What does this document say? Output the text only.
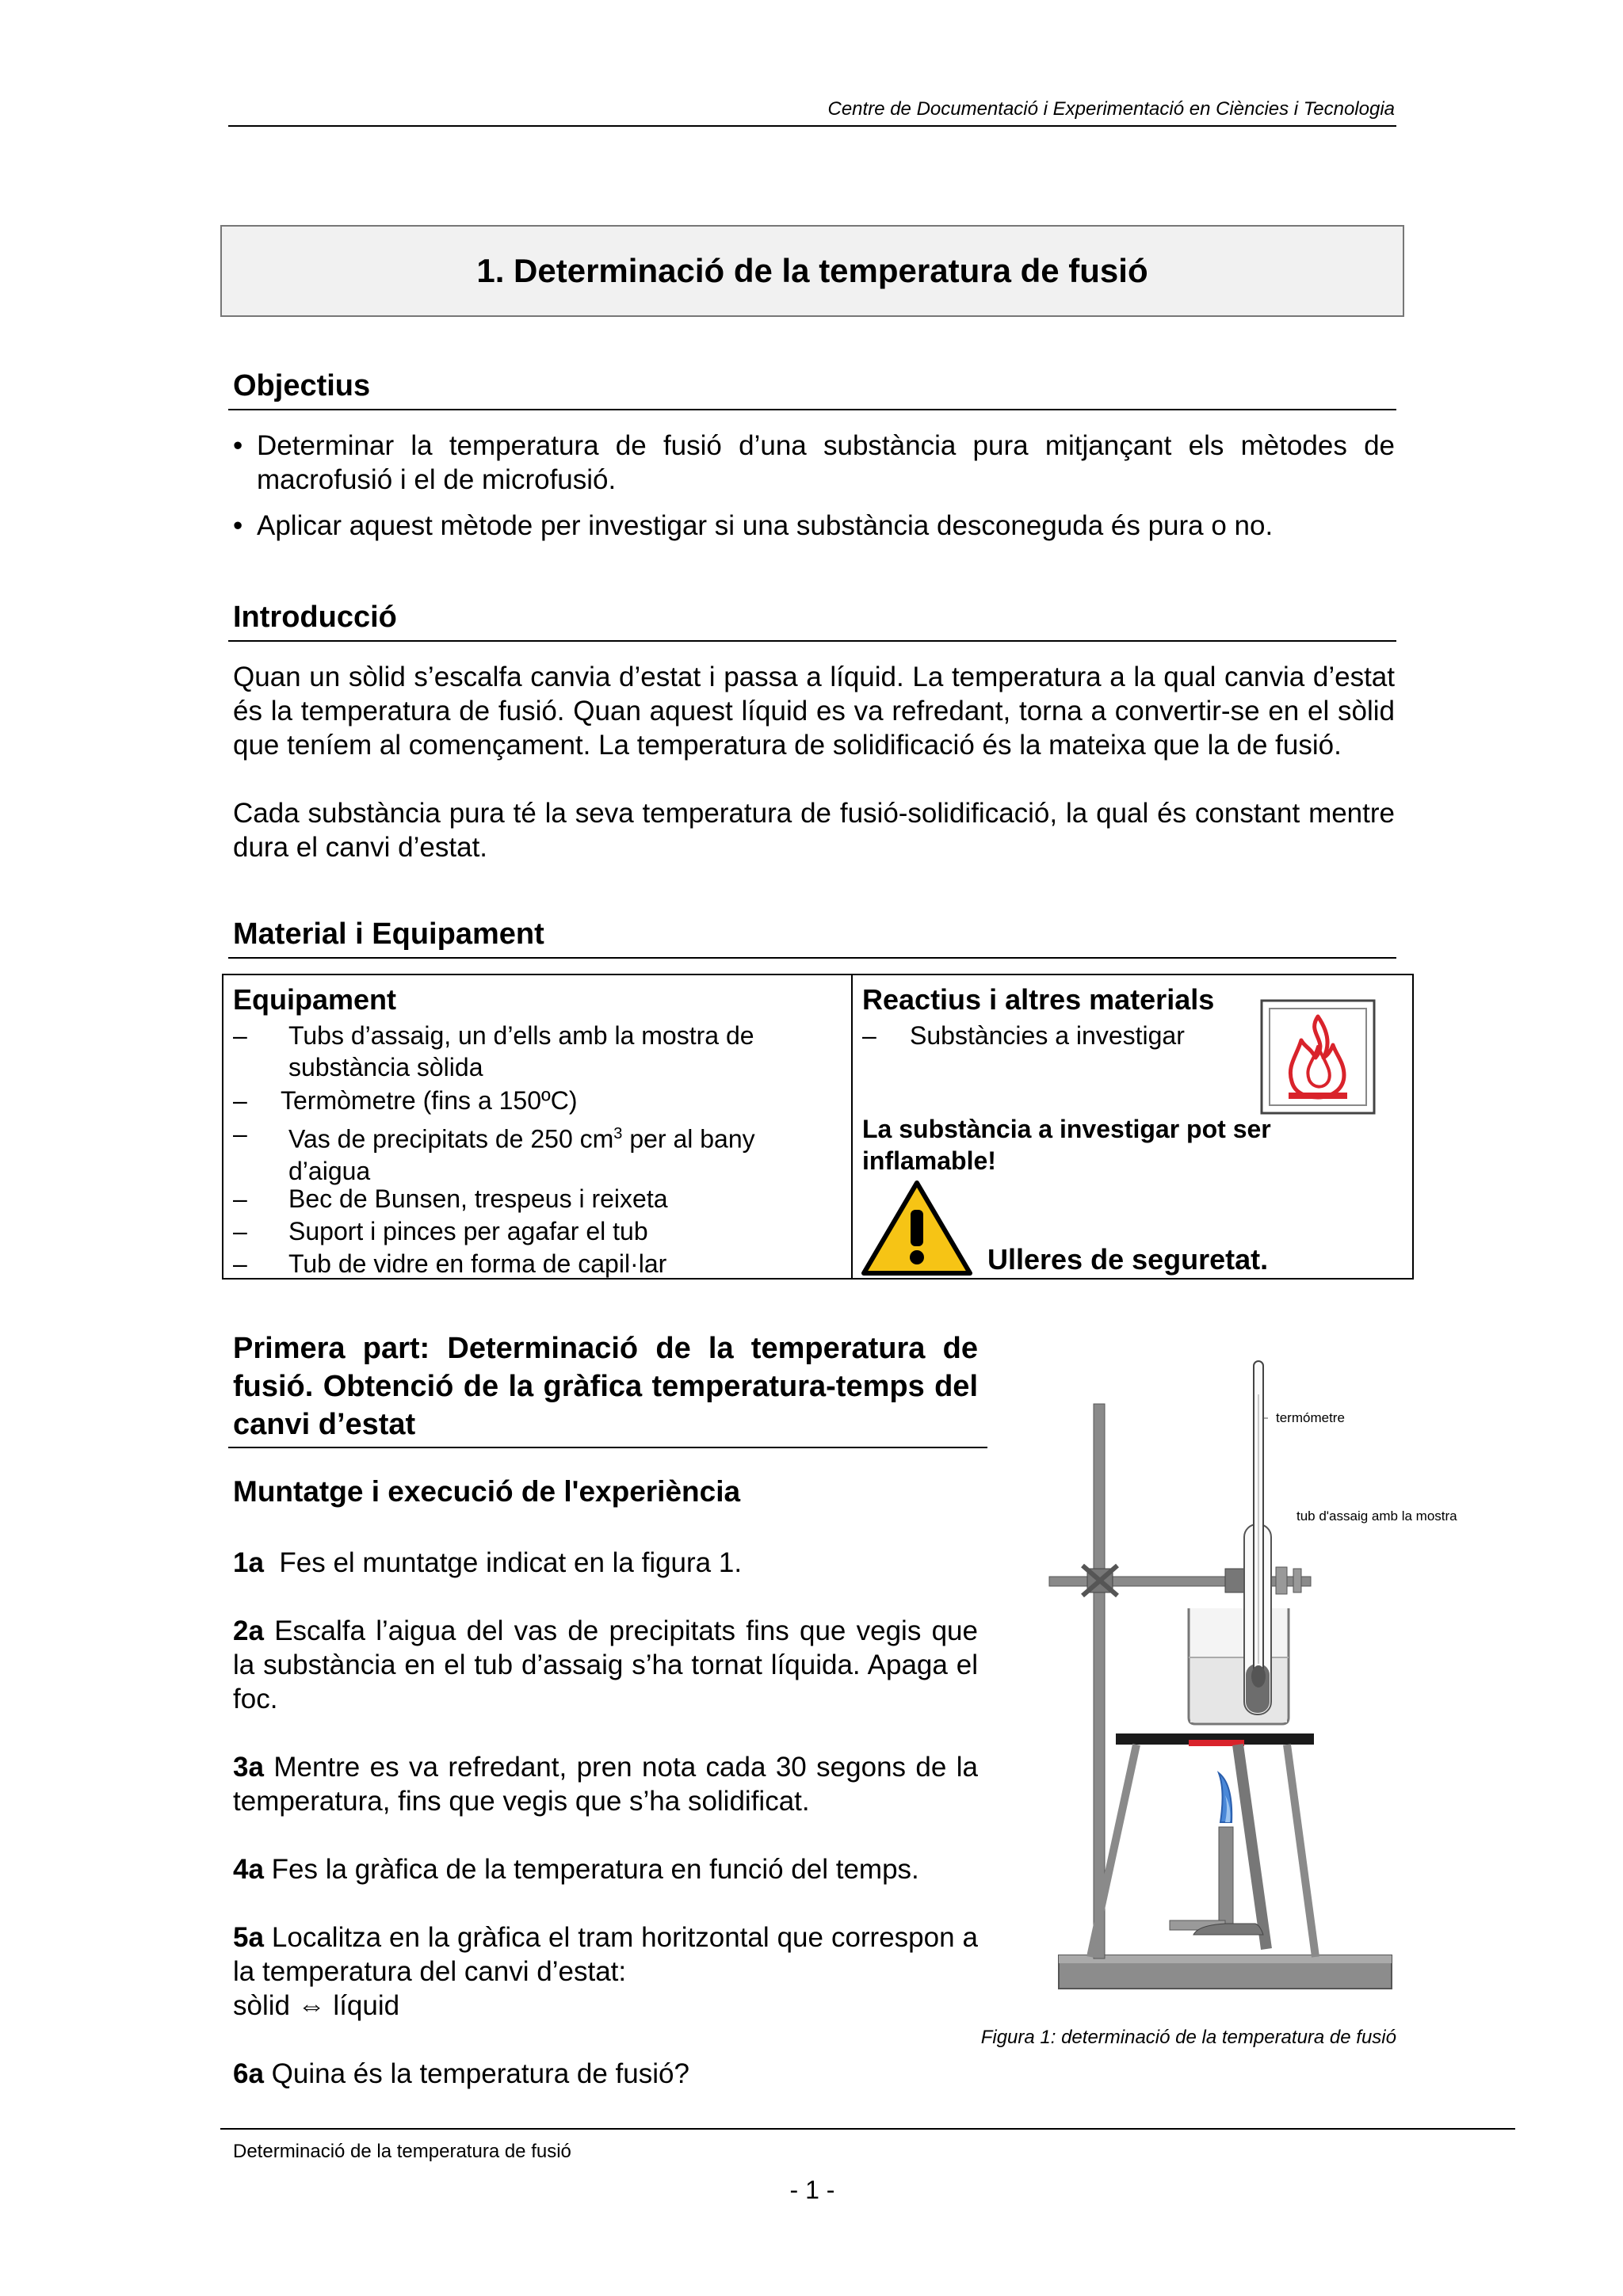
Centre de Documentació i Experimentació en Ciències i Tecnologia
1. Determinació de la temperatura de fusió
Objectius
• Determinar la temperatura de fusió d’una substància pura mitjançant els mètodes de macrofusió i el de microfusió.
• Aplicar aquest mètode per investigar si una substància desconeguda és pura o no.
Introducció
Quan un sòlid s’escalfa canvia d’estat i passa a líquid. La temperatura a la qual canvia d’estat és la temperatura de fusió. Quan aquest líquid es va refredant, torna a convertir-se en el sòlid que teníem al començament. La temperatura de solidificació és la mateixa que la de fusió.
Cada substància pura té la seva temperatura de fusió-solidificació, la qual és constant mentre dura el canvi d’estat.
Material i Equipament
Equipament
– Tubs d’assaig, un d’ells amb la mostra de substància sòlida
– Termòmetre (fins a 150ºC)
– Vas de precipitats de 250 $cm^3$ per al bany d’aigua
– Bec de Bunsen, trespeus i reixeta
– Suport i pinces per agafar el tub
– Tub de vidre en forma de capil·lar

Reactius i altres materials
– Substàncies a investigar
La substància a investigar pot ser inflamable!
Ulleres de seguretat.
Primera part: Determinació de la temperatura de fusió. Obtenció de la gràfica temperatura-temps del canvi d’estat
Muntatge i execució de l'experiència
1a Fes el muntatge indicat en la figura 1.
2a Escalfa l’aigua del vas de precipitats fins que vegis que la substància en el tub d’assaig s’ha tornat líquida. Apaga el foc.
3a Mentre es va refredant, pren nota cada 30 segons de la temperatura, fins que vegis que s’ha solidificat.
4a Fes la gràfica de la temperatura en funció del temps.
5a Localitza en la gràfica el tram horitzontal que correspon a la temperatura del canvi d’estat:
sòlid ⇔ líquid
6a Quina és la temperatura de fusió?
termómetre
tub d'assaig amb la mostra
Figura 1: determinació de la temperatura de fusió
Determinació de la temperatura de fusió
- 1 -
